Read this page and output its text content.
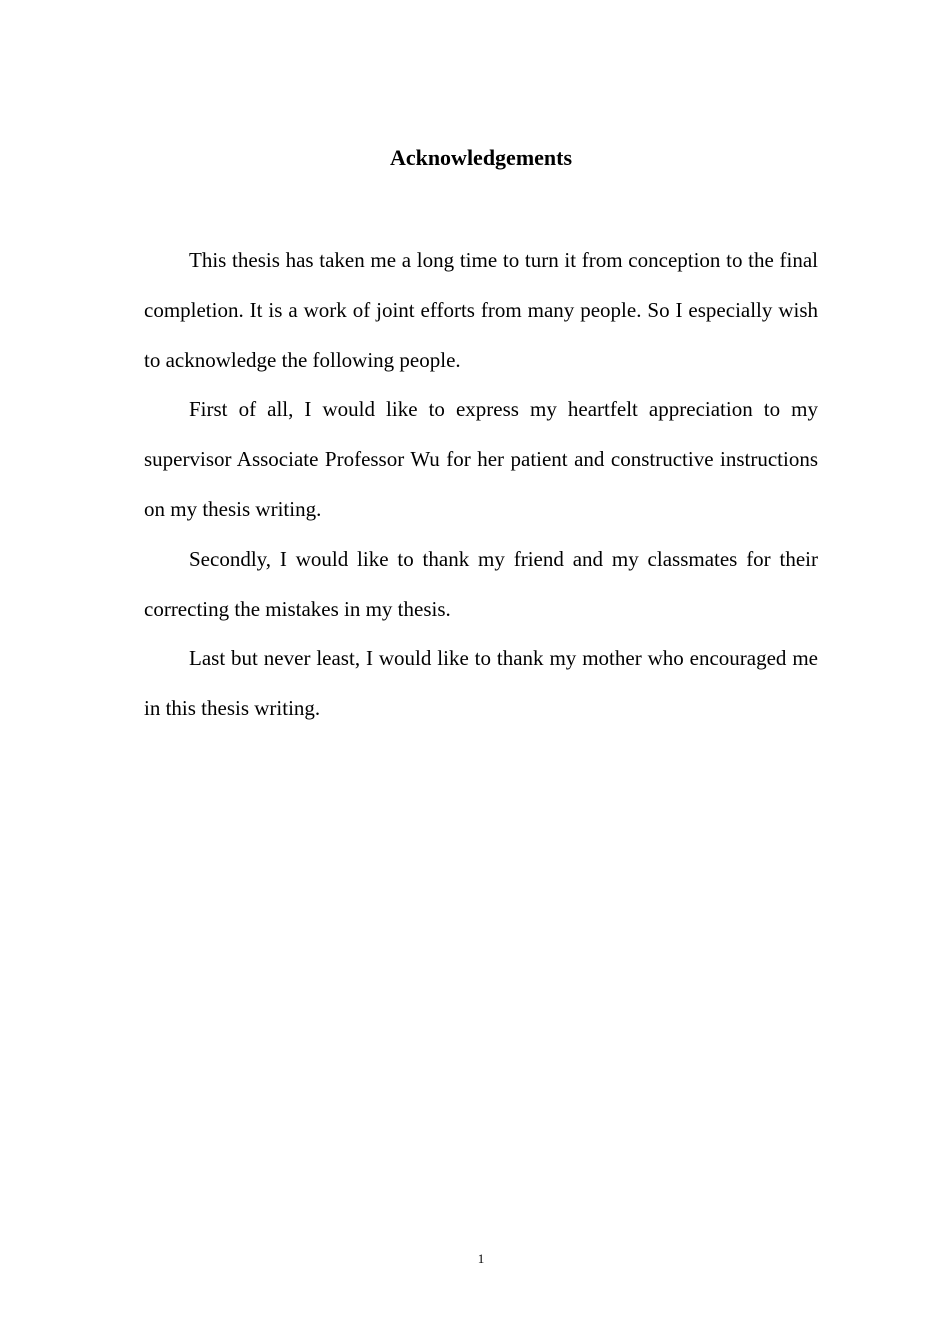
Acknowledgements

This thesis has taken me a long time to turn it from conception to the final completion. It is a work of joint efforts from many people. So I especially wish to acknowledge the following people.

First of all, I would like to express my heartfelt appreciation to my supervisor Associate Professor Wu for her patient and constructive instructions on my thesis writing.

Secondly, I would like to thank my friend and my classmates for their correcting the mistakes in my thesis.

Last but never least, I would like to thank my mother who encouraged me in this thesis writing.

1
